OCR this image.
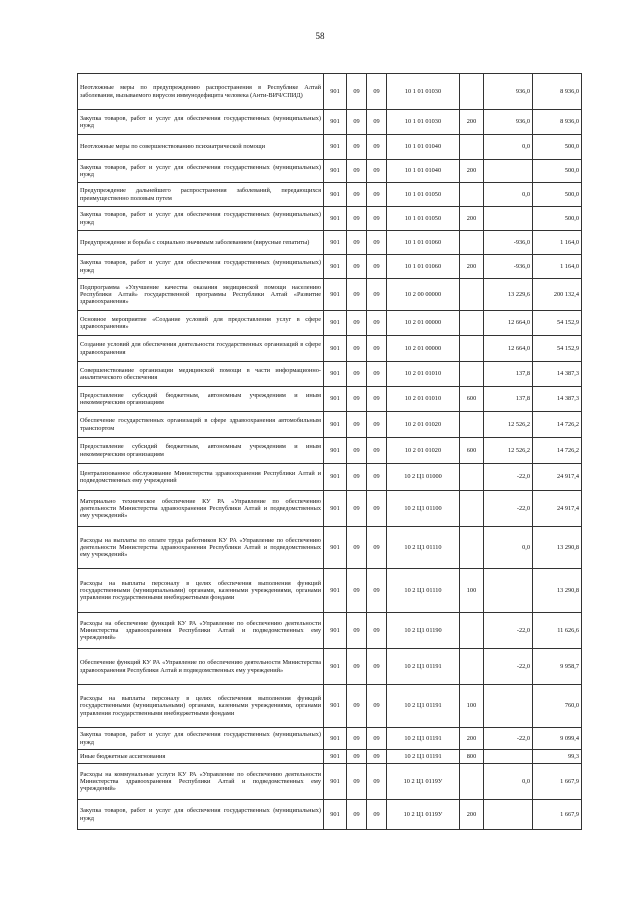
58
Неотложные меры по предупреждению распространения в Республике Алтай заболевания, вызываемого вирусом иммунодефицита человека (Анти-ВИЧ/СПИД)	901	09	09	10 1 01 01030		936,0	8 936,0
Закупка товаров, работ и услуг для обеспечения государственных (муниципальных) нужд	901	09	09	10 1 01 01030	200	936,0	8 936,0
Неотложные меры по совершенствованию психиатрической помощи	901	09	09	10 1 01 01040		0,0	500,0
Закупка товаров, работ и услуг для обеспечения государственных (муниципальных) нужд	901	09	09	10 1 01 01040	200		500,0
Предупреждение дальнейшего распространения заболеваний, передающихся преимущественно половым путем	901	09	09	10 1 01 01050		0,0	500,0
Закупка товаров, работ и услуг для обеспечения государственных (муниципальных) нужд	901	09	09	10 1 01 01050	200		500,0
Предупреждение и борьба с социально значимым заболеванием (вирусные гепатиты)	901	09	09	10 1 01 01060		-936,0	1 164,0
Закупка товаров, работ и услуг для обеспечения государственных (муниципальных) нужд	901	09	09	10 1 01 01060	200	-936,0	1 164,0
Подпрограмма «Улучшение качества оказания медицинской помощи населению Республики Алтай» государственной программы Республики Алтай «Развитие здравоохранения»	901	09	09	10 2 00 00000		13 229,6	200 132,4
Основное мероприятие «Создание условий для предоставления услуг в сфере здравоохранения»	901	09	09	10 2 01 00000		12 664,0	54 152,9
Создание условий для обеспечения деятельности государственных организаций в сфере здравоохранения	901	09	09	10 2 01 00000		12 664,0	54 152,9
Совершенствование организации медицинской помощи в части информационно-аналитического обеспечения	901	09	09	10 2 01 01010		137,8	14 387,3
Предоставление субсидий бюджетным, автономным учреждениям и иным некоммерческим организациям	901	09	09	10 2 01 01010	600	137,8	14 387,3
Обеспечение государственных организаций в сфере здравоохранения автомобильным транспортом	901	09	09	10 2 01 01020		12 526,2	14 726,2
Предоставление субсидий бюджетным, автономным учреждениям и иным некоммерческим организациям	901	09	09	10 2 01 01020	600	12 526,2	14 726,2
Централизованное обслуживание Министерства здравоохранения Республики Алтай и подведомственных ему учреждений	901	09	09	10 2 Ц1 01000		-22,0	24 917,4
Материально техническое обеспечение КУ РА «Управление по обеспечению деятельности Министерства здравоохранения Республики Алтай и подведомственных ему учреждений»	901	09	09	10 2 Ц1 01100		-22,0	24 917,4
Расходы на выплаты по оплате труда работников КУ РА «Управление по обеспечению деятельности Министерства здравоохранения Республики Алтай и подведомственных ему учреждений»	901	09	09	10 2 Ц1 01110		0,0	13 290,8
Расходы на выплаты персоналу в целях обеспечения выполнения функций государственными (муниципальными) органами, казенными учреждениями, органами управления государственными внебюджетными фондами	901	09	09	10 2 Ц1 01110	100		13 290,8
Расходы на обеспечение функций КУ РА «Управление по обеспечению деятельности Министерства здравоохранения Республики Алтай и подведомственных ему учреждений»	901	09	09	10 2 Ц1 01190		-22,0	11 626,6
Обеспечение функций КУ РА «Управление по обеспечению деятельности Министерства здравоохранения Республики Алтай и подведомственных ему учреждений»	901	09	09	10 2 Ц1 01191		-22,0	9 958,7
Расходы на выплаты персоналу в целях обеспечения выполнения функций государственными (муниципальными) органами, казенными учреждениями, органами управления государственными внебюджетными фондами	901	09	09	10 2 Ц1 01191	100		760,0
Закупка товаров, работ и услуг для обеспечения государственных (муниципальных) нужд	901	09	09	10 2 Ц1 01191	200	-22,0	9 099,4
Иные бюджетные ассигнования	901	09	09	10 2 Ц1 01191	800		99,3
Расходы на коммунальные услуги КУ РА «Управление по обеспечению деятельности Министерства здравоохранения Республики Алтай и подведомственных ему учреждений»	901	09	09	10 2 Ц1 0119У		0,0	1 667,9
Закупка товаров, работ и услуг для обеспечения государственных (муниципальных) нужд	901	09	09	10 2 Ц1 0119У	200		1 667,9
